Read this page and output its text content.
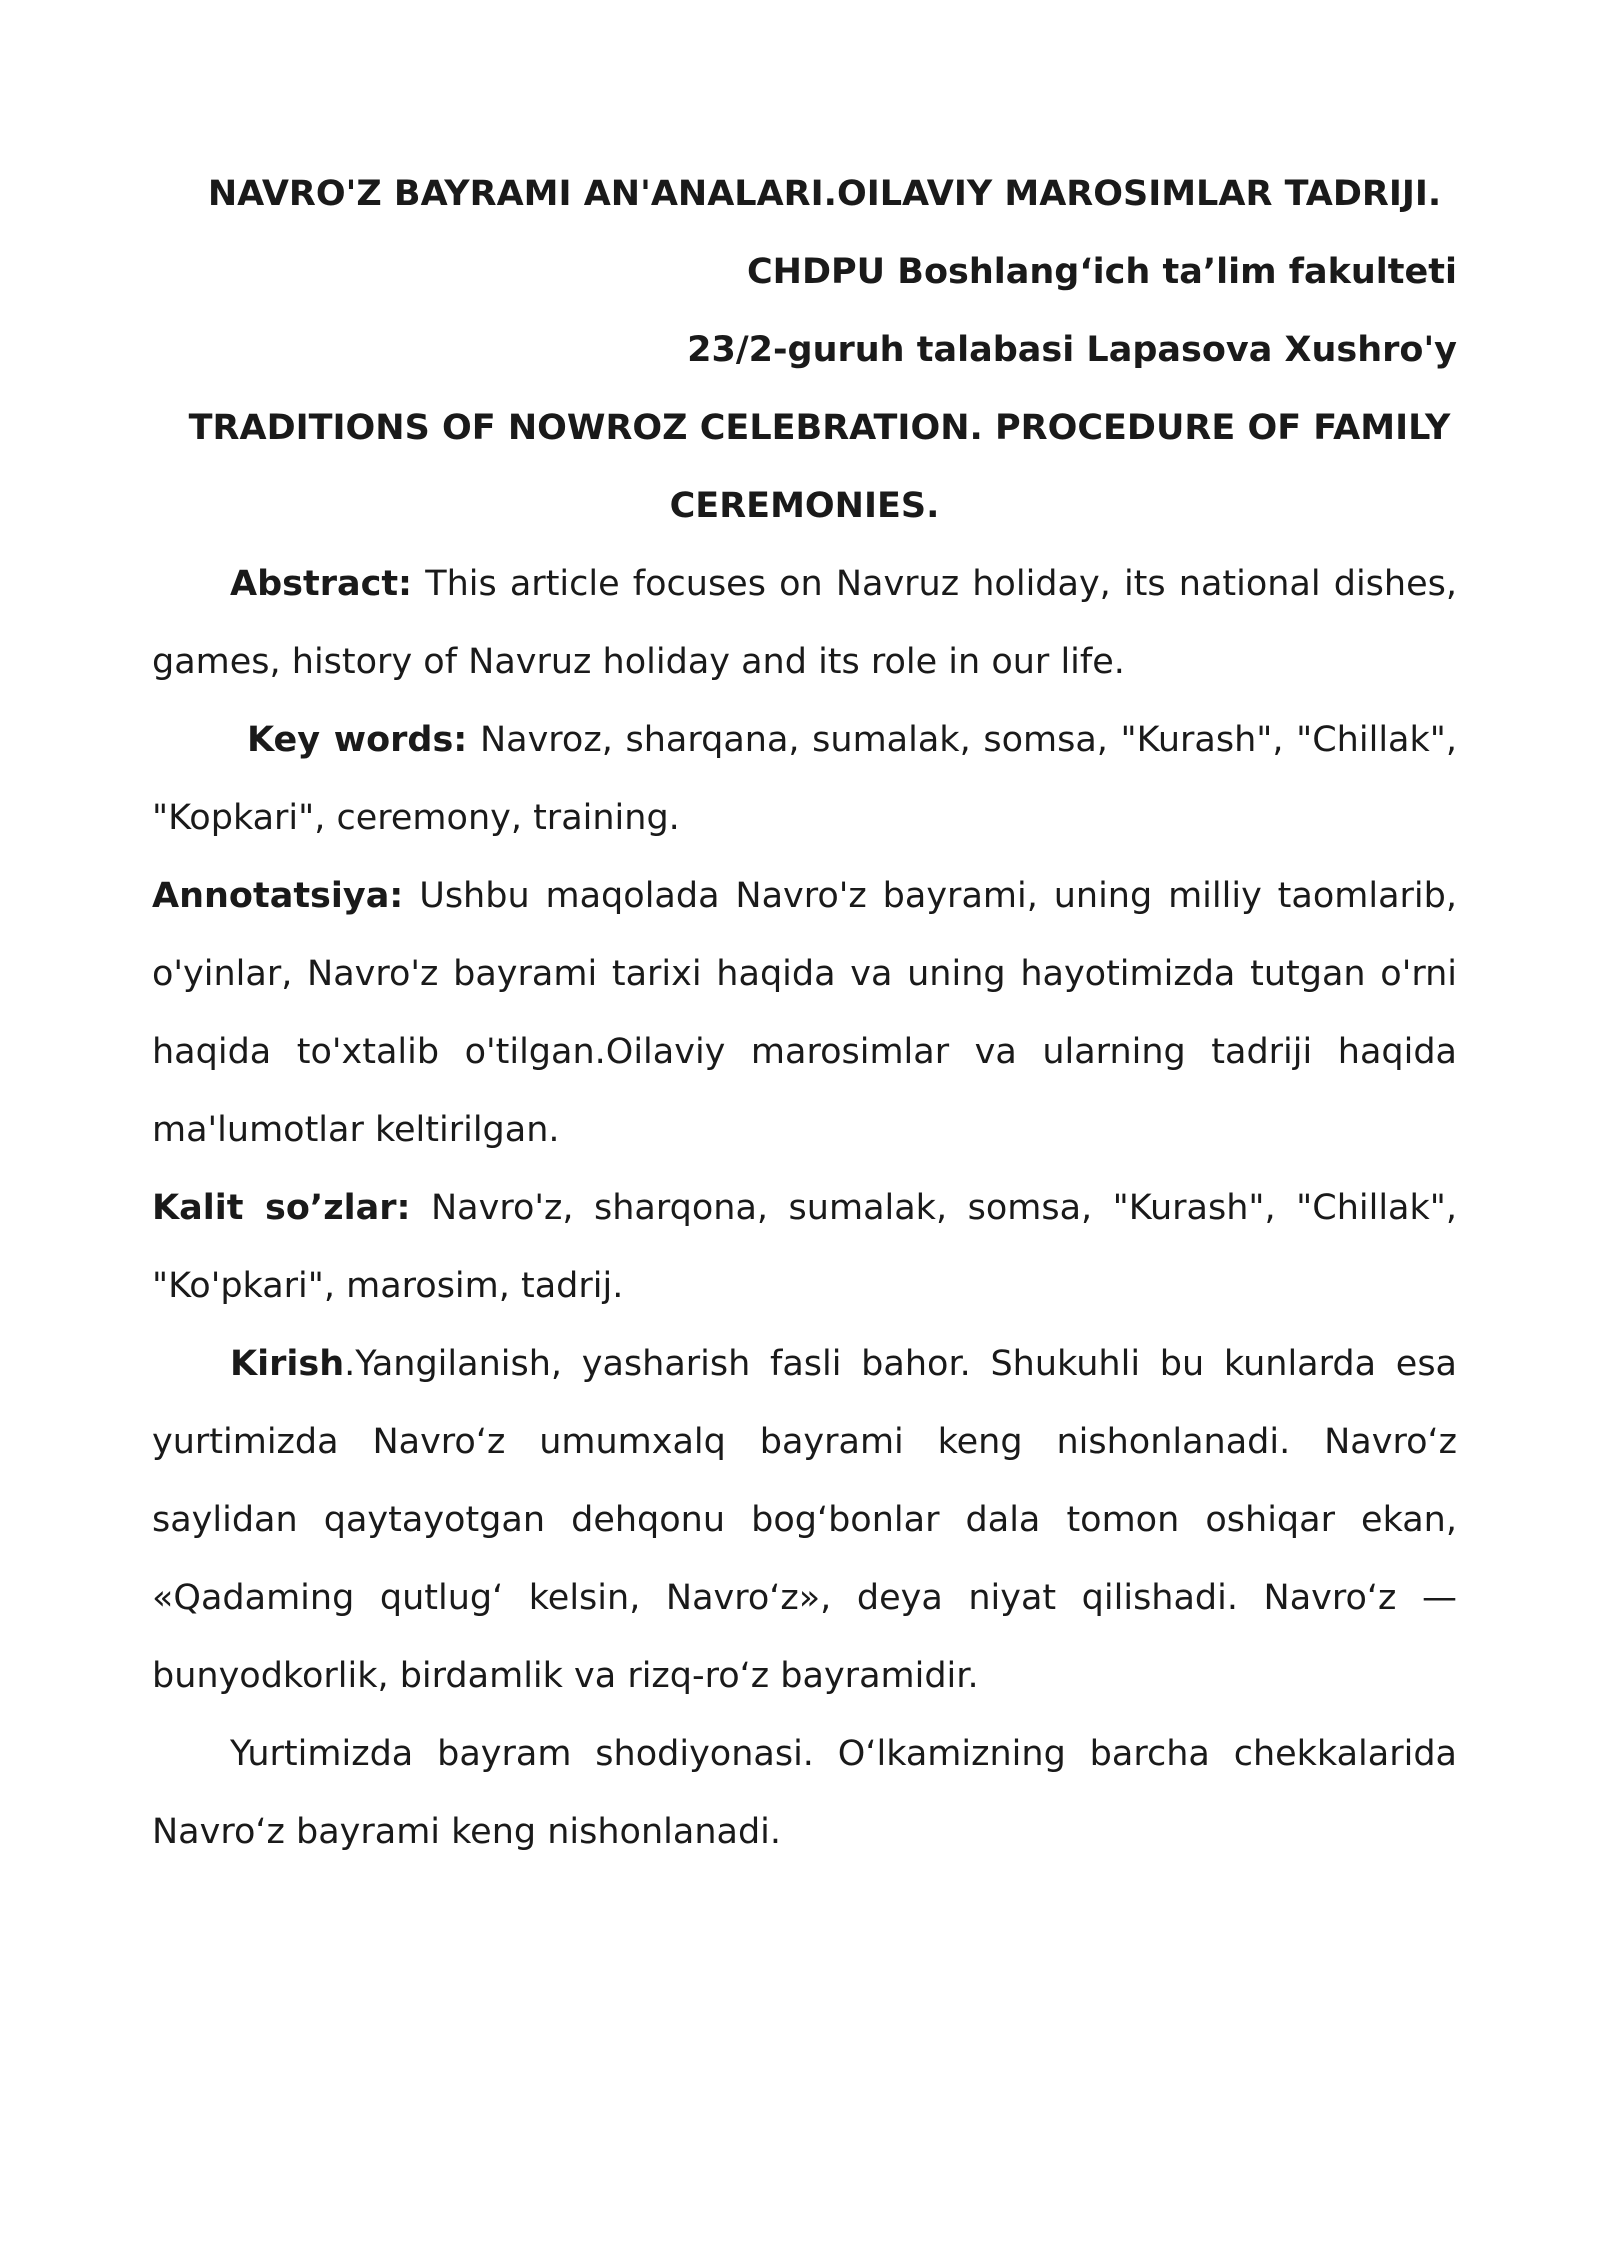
NAVRO'Z BAYRAMI AN'ANALARI.OILAVIY MAROSIMLAR TADRIJI.
CHDPU Boshlang‘ich ta’lim fakulteti
23/2-guruh talabasi Lapasova Xushro'y
TRADITIONS OF NOWROZ CELEBRATION. PROCEDURE OF FAMILY
CEREMONIES.

Abstract: This article focuses on Navruz holiday, its national dishes, games, history of Navruz holiday and its role in our life.

Key words: Navroz, sharqana, sumalak, somsa, "Kurash", "Chillak", "Kopkari", ceremony, training.

Annotatsiya: Ushbu maqolada Navro'z bayrami, uning milliy taomlarib, o'yinlar, Navro'z bayrami tarixi haqida va uning hayotimizda tutgan o'rni haqida to'xtalib o'tilgan.Oilaviy marosimlar va ularning tadriji haqida ma'lumotlar keltirilgan.

Kalit so’zlar: Navro'z, sharqona, sumalak, somsa, "Kurash", "Chillak", "Ko'pkari", marosim, tadrij.

Kirish.Yangilanish, yasharish fasli bahor. Shukuhli bu kunlarda esa yurtimizda Navro‘z umumxalq bayrami keng nishonlanadi. Navro‘z saylidan qaytayotgan dehqonu bog‘bonlar dala tomon oshiqar ekan, «Qadaming qutlug‘ kelsin, Navro‘z», deya niyat qilishadi. Navro‘z — bunyodkorlik, birdamlik va rizq-ro‘z bayramidir.

Yurtimizda bayram shodiyonasi. O‘lkamizning barcha chekkalarida Navro‘z bayrami keng nishonlanadi.
